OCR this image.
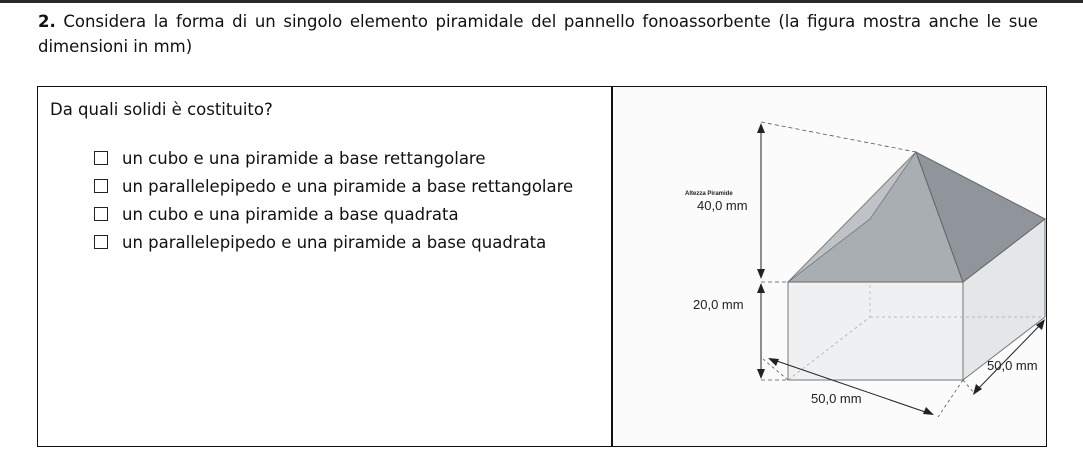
2. Considera la forma di un singolo elemento piramidale del pannello fonoassorbente (la figura mostra anche le sue dimensioni in mm)
Da quali solidi è costituito?
un cubo e una piramide a base rettangolare
un parallelepipedo e una piramide a base rettangolare
un cubo e una piramide a base quadrata
un parallelepipedo e una piramide a base quadrata
Altezza Piramide
40,0 mm
20,0 mm
50,0 mm
50,0 mm
